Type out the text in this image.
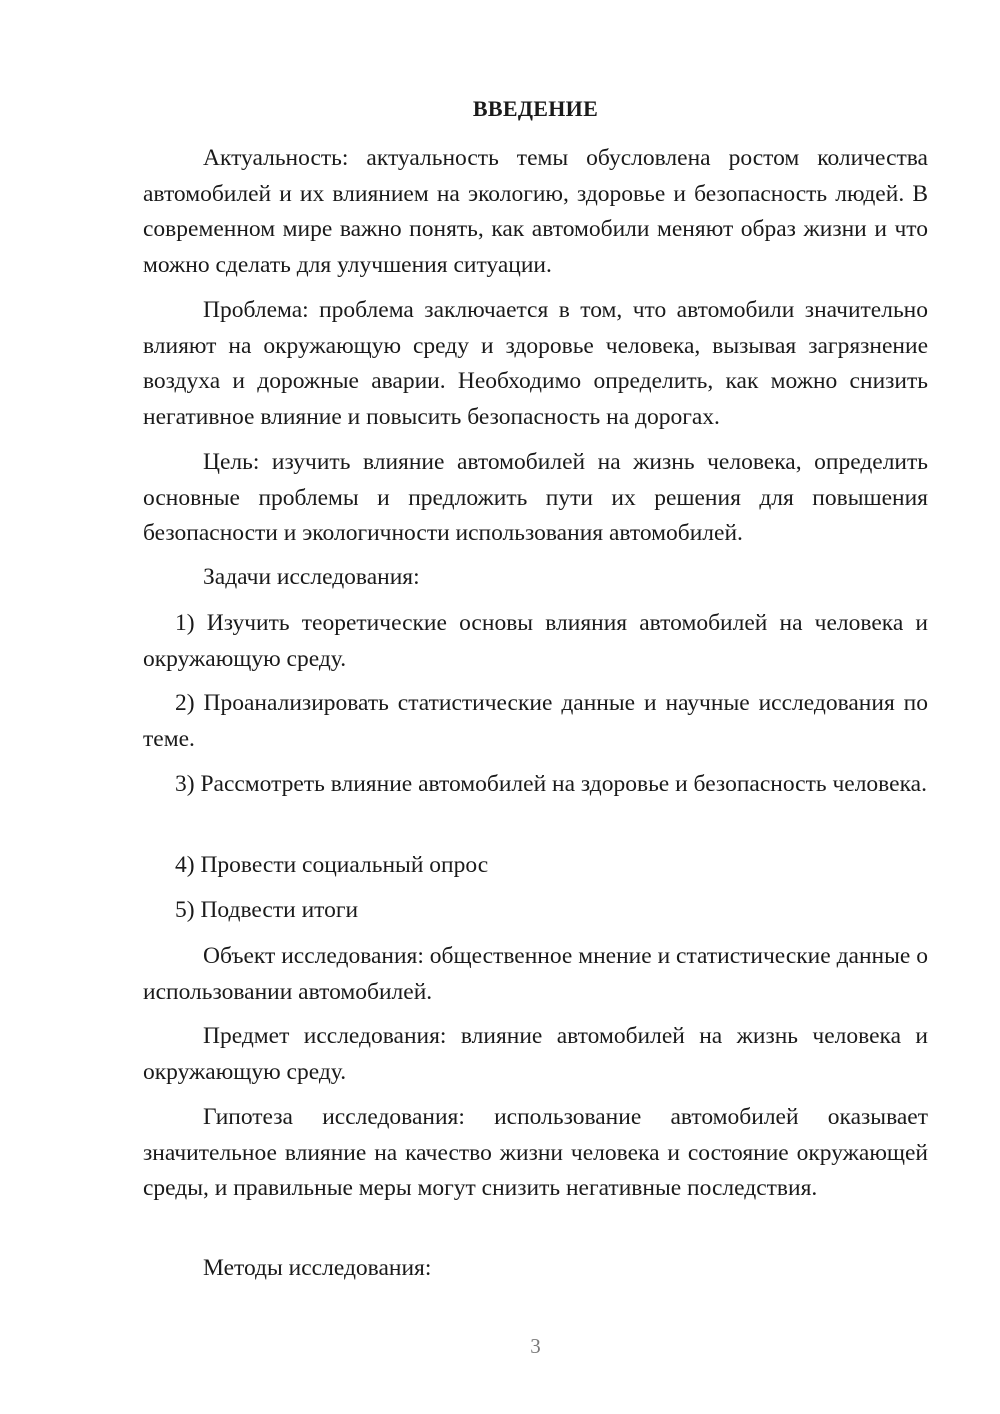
ВВЕДЕНИЕ

Актуальность: актуальность темы обусловлена ростом количества автомобилей и их влиянием на экологию, здоровье и безопасность людей. В современном мире важно понять, как автомобили меняют образ жизни и что можно сделать для улучшения ситуации.

Проблема: проблема заключается в том, что автомобили значительно влияют на окружающую среду и здоровье человека, вызывая загрязнение воздуха и дорожные аварии. Необходимо определить, как можно снизить негативное влияние и повысить безопасность на дорогах.

Цель: изучить влияние автомобилей на жизнь человека, определить основные проблемы и предложить пути их решения для повышения безопасности и экологичности использования автомобилей.

Задачи исследования:

1) Изучить теоретические основы влияния автомобилей на человека и окружающую среду.

2) Проанализировать статистические данные и научные исследования по теме.

3) Рассмотреть влияние автомобилей на здоровье и безопасность человека.

4) Провести социальный опрос

5) Подвести итоги

Объект исследования: общественное мнение и статистические данные о использовании автомобилей.

Предмет исследования: влияние автомобилей на жизнь человека и окружающую среду.

Гипотеза исследования: использование автомобилей оказывает значительное влияние на качество жизни человека и состояние окружающей среды, и правильные меры могут снизить негативные последствия.

Методы исследования:

3
